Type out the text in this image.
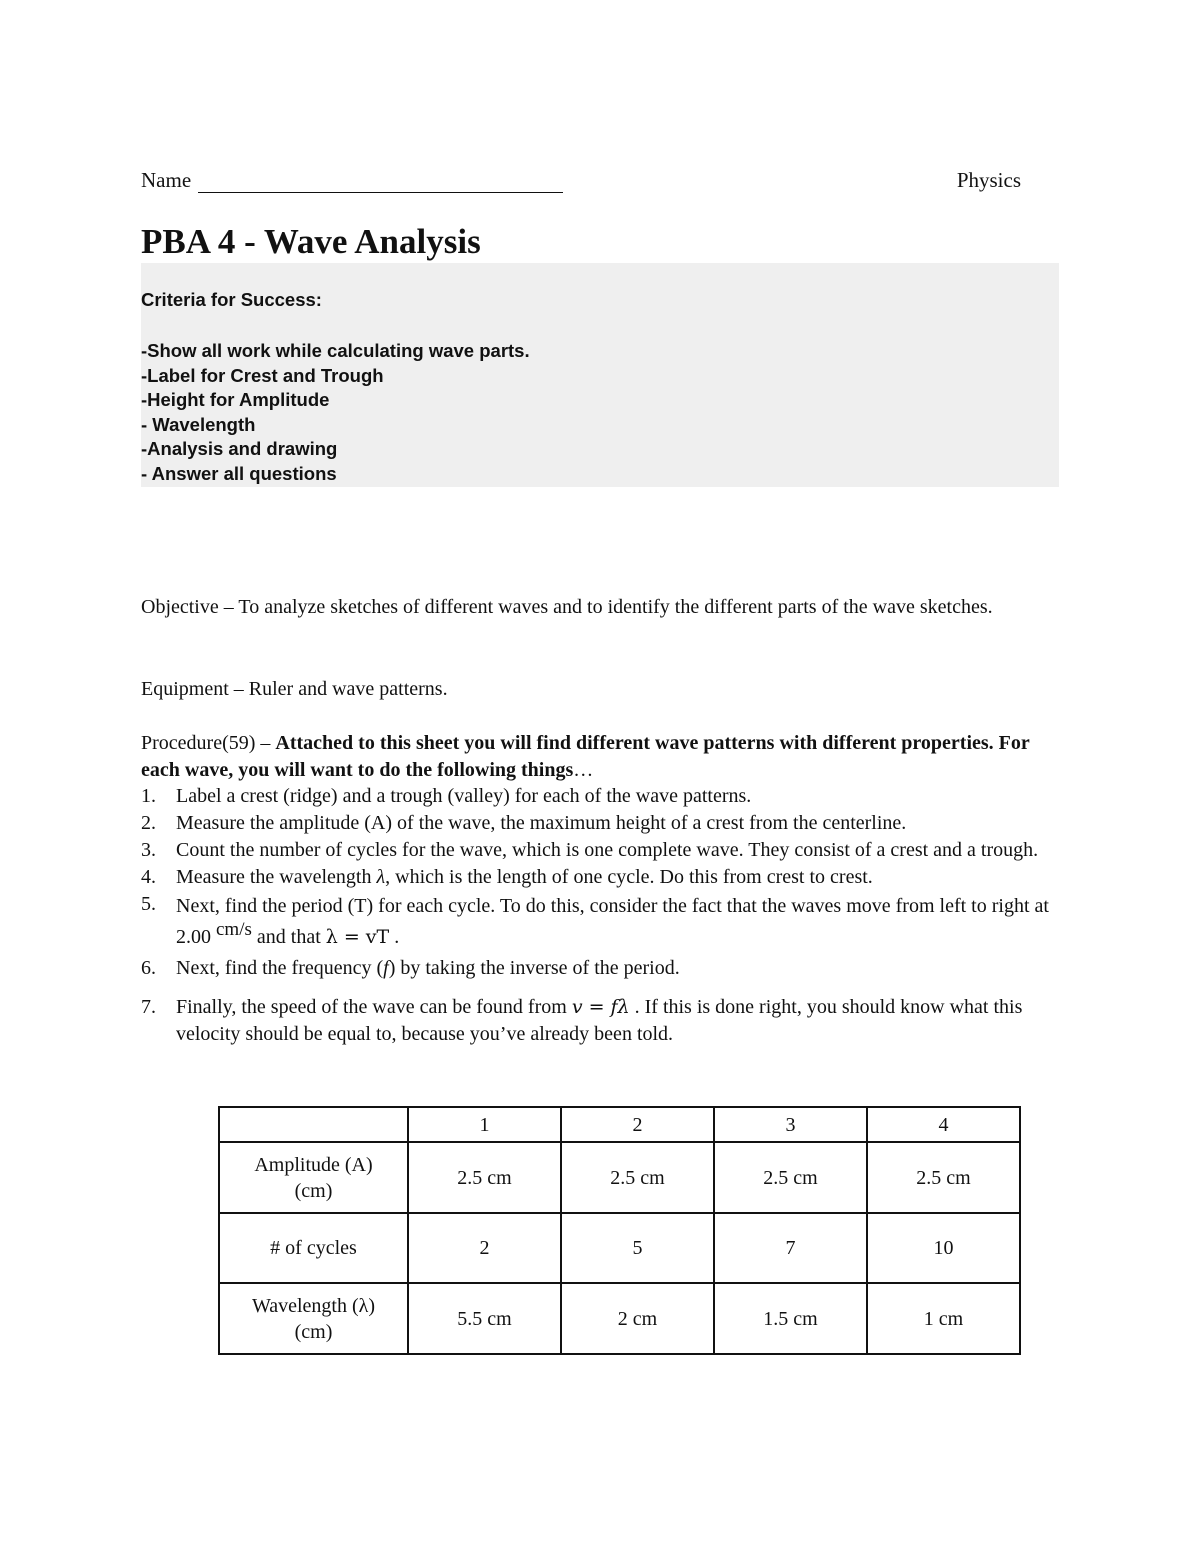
Name	Physics
PBA 4 - Wave Analysis
Criteria for Success:
-Show all work while calculating wave parts.
-Label for Crest and Trough
-Height for Amplitude
- Wavelength
-Analysis and drawing
- Answer all questions

Objective – To analyze sketches of different waves and to identify the different parts of the wave sketches.

Equipment – Ruler and wave patterns.

Procedure(59) – Attached to this sheet you will find different wave patterns with different properties. For each wave, you will want to do the following things…

1. Label a crest (ridge) and a trough (valley) for each of the wave patterns.
2. Measure the amplitude (A) of the wave, the maximum height of a crest from the centerline.
3. Count the number of cycles for the wave, which is one complete wave. They consist of a crest and a trough.
4. Measure the wavelength λ, which is the length of one cycle. Do this from crest to crest.
5. Next, find the period (T) for each cycle. To do this, consider the fact that the waves move from left to right at 2.00 cm/s and that λ = vT .
6. Next, find the frequency (f) by taking the inverse of the period.
7. Finally, the speed of the wave can be found from v = fλ . If this is done right, you should know what this velocity should be equal to, because you’ve already been told.
	1	2	3	4
Amplitude (A) (cm)	2.5 cm	2.5 cm	2.5 cm	2.5 cm
# of cycles	2	5	7	10
Wavelength (λ) (cm)	5.5 cm	2 cm	1.5 cm	1 cm
